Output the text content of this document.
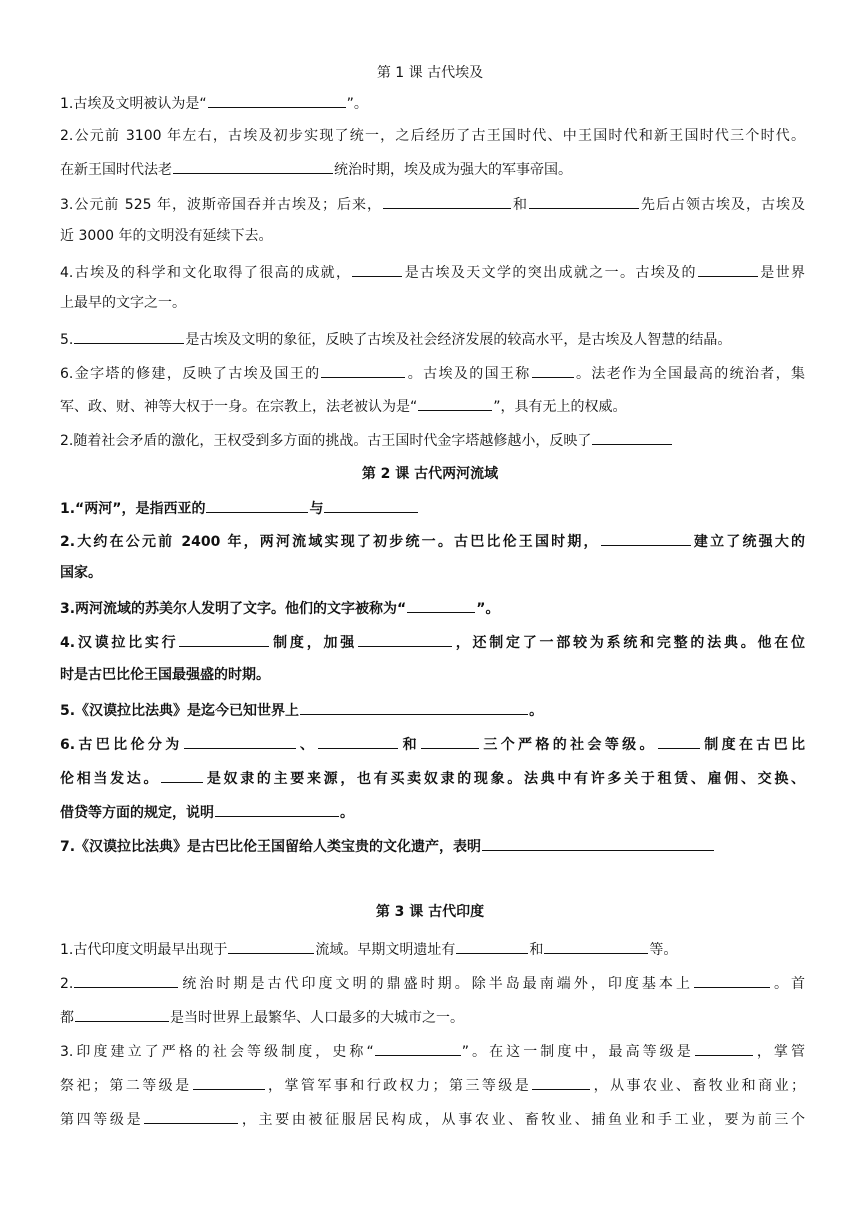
第 1 课 古代埃及
1.古埃及文明被认为是“	”。
2.公元前 3100 年左右，古埃及初步实现了统一，之后经历了古王国时代、中王国时代和新王国时代三个时代。
在新王国时代法老	统治时期，埃及成为强大的军事帝国。
3.公元前 525 年，波斯帝国吞并古埃及；后来，	和	先后占领古埃及，古埃及
近 3000 年的文明没有延续下去。
4.古埃及的科学和文化取得了很高的成就，	是古埃及天文学的突出成就之一。古埃及的	是世界
上最早的文字之一。
5.	是古埃及文明的象征，反映了古埃及社会经济发展的较高水平，是古埃及人智慧的结晶。
6.金字塔的修建，反映了古埃及国王的	。古埃及的国王称	。法老作为全国最高的统治者，集
军、政、财、神等大权于一身。在宗教上，法老被认为是“	”，具有无上的权威。
2.随着社会矛盾的激化，王权受到多方面的挑战。古王国时代金字塔越修越小，反映了
第 2 课 古代两河流域
1.“两河”，是指西亚的	与
2.大约在公元前 2400 年，两河流域实现了初步统一。古巴比伦王国时期，	建立了统强大的
国家。
3.两河流域的苏美尔人发明了文字。他们的文字被称为“	”。
4.汉谟拉比实行	制度，加强	，还制定了一部较为系统和完整的法典。他在位
时是古巴比伦王国最强盛的时期。
5.《汉谟拉比法典》是迄今已知世界上	。
6.古巴比伦分为	、	和	三个严格的社会等级。	制度在古巴比
伦相当发达。	是奴隶的主要来源，也有买卖奴隶的现象。法典中有许多关于租赁、雇佣、交换、
借贷等方面的规定，说明	。
7.《汉谟拉比法典》是古巴比伦王国留给人类宝贵的文化遗产，表明
第 3 课 古代印度
1.古代印度文明最早出现于	流域。早期文明遗址有	和	等。
2.	统治时期是古代印度文明的鼎盛时期。除半岛最南端外，印度基本上	。首
都	是当时世界上最繁华、人口最多的大城市之一。
3.印度建立了严格的社会等级制度，史称“	”。在这一制度中，最高等级是	，掌管
祭祀；第二等级是	，掌管军事和行政权力；第三等级是	，从事农业、畜牧业和商业；
第四等级是	，主要由被征服居民构成，从事农业、畜牧业、捕鱼业和手工业，要为前三个
